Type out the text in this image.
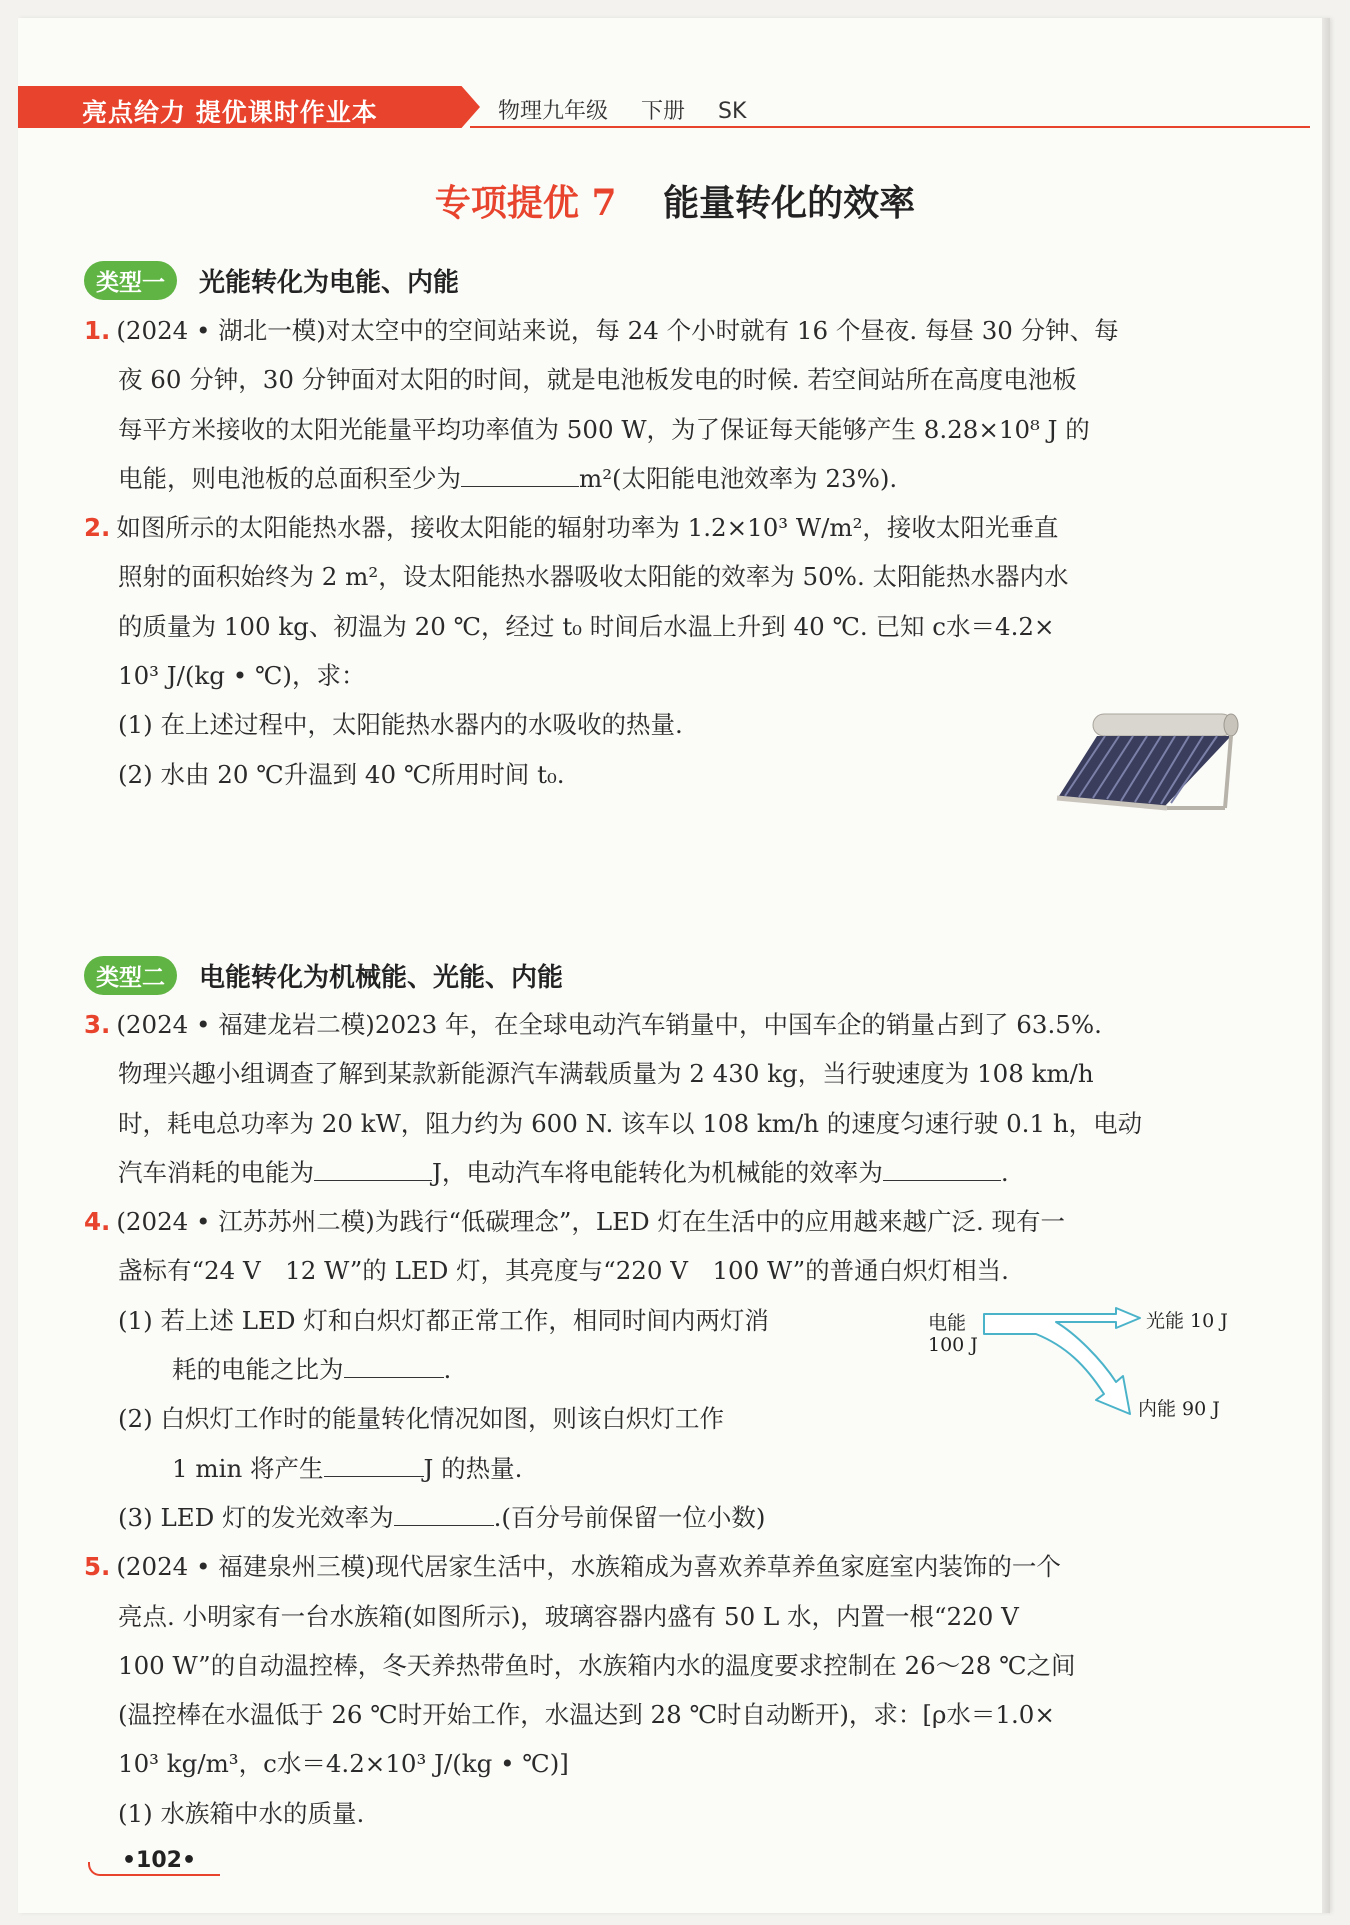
亮点给力 提优课时作业本	物理九年级 下册 SK
专项提优 7 能量转化的效率
类型一	光能转化为电能、内能
1. (2024 • 湖北一模)对太空中的空间站来说，每 24 个小时就有 16 个昼夜. 每昼 30 分钟、每
夜 60 分钟，30 分钟面对太阳的时间，就是电池板发电的时候. 若空间站所在高度电池板
每平方米接收的太阳光能量平均功率值为 500 W，为了保证每天能够产生 8.28×10⁸ J 的
电能，则电池板的总面积至少为	m²(太阳能电池效率为 23%).
2. 如图所示的太阳能热水器，接收太阳能的辐射功率为 1.2×10³ W/m²，接收太阳光垂直
照射的面积始终为 2 m²，设太阳能热水器吸收太阳能的效率为 50%. 太阳能热水器内水
的质量为 100 kg、初温为 20 ℃，经过 t₀ 时间后水温上升到 40 ℃. 已知 c水＝4.2×
10³ J/(kg • ℃)，求：
(1) 在上述过程中，太阳能热水器内的水吸收的热量.
(2) 水由 20 ℃升温到 40 ℃所用时间 t₀.
类型二	电能转化为机械能、光能、内能
3. (2024 • 福建龙岩二模)2023 年，在全球电动汽车销量中，中国车企的销量占到了 63.5%.
物理兴趣小组调查了解到某款新能源汽车满载质量为 2 430 kg，当行驶速度为 108 km/h
时，耗电总功率为 20 kW，阻力约为 600 N. 该车以 108 km/h 的速度匀速行驶 0.1 h，电动
汽车消耗的电能为	J，电动汽车将电能转化为机械能的效率为	.
4. (2024 • 江苏苏州二模)为践行“低碳理念”，LED 灯在生活中的应用越来越广泛. 现有一
盏标有“24 V　12 W”的 LED 灯，其亮度与“220 V　100 W”的普通白炽灯相当.
(1) 若上述 LED 灯和白炽灯都正常工作，相同时间内两灯消
耗的电能之比为	.
(2) 白炽灯工作时的能量转化情况如图，则该白炽灯工作
1 min 将产生	J 的热量.
(3) LED 灯的发光效率为	.(百分号前保留一位小数)
5. (2024 • 福建泉州三模)现代居家生活中，水族箱成为喜欢养草养鱼家庭室内装饰的一个
亮点. 小明家有一台水族箱(如图所示)，玻璃容器内盛有 50 L 水，内置一根“220 V
100 W”的自动温控棒，冬天养热带鱼时，水族箱内水的温度要求控制在 26～28 ℃之间
(温控棒在水温低于 26 ℃时开始工作，水温达到 28 ℃时自动断开)，求：[ρ水＝1.0×
10³ kg/m³，c水＝4.2×10³ J/(kg • ℃)]
(1) 水族箱中水的质量.
电能
100 J
光能 10 J
内能 90 J
•102•
